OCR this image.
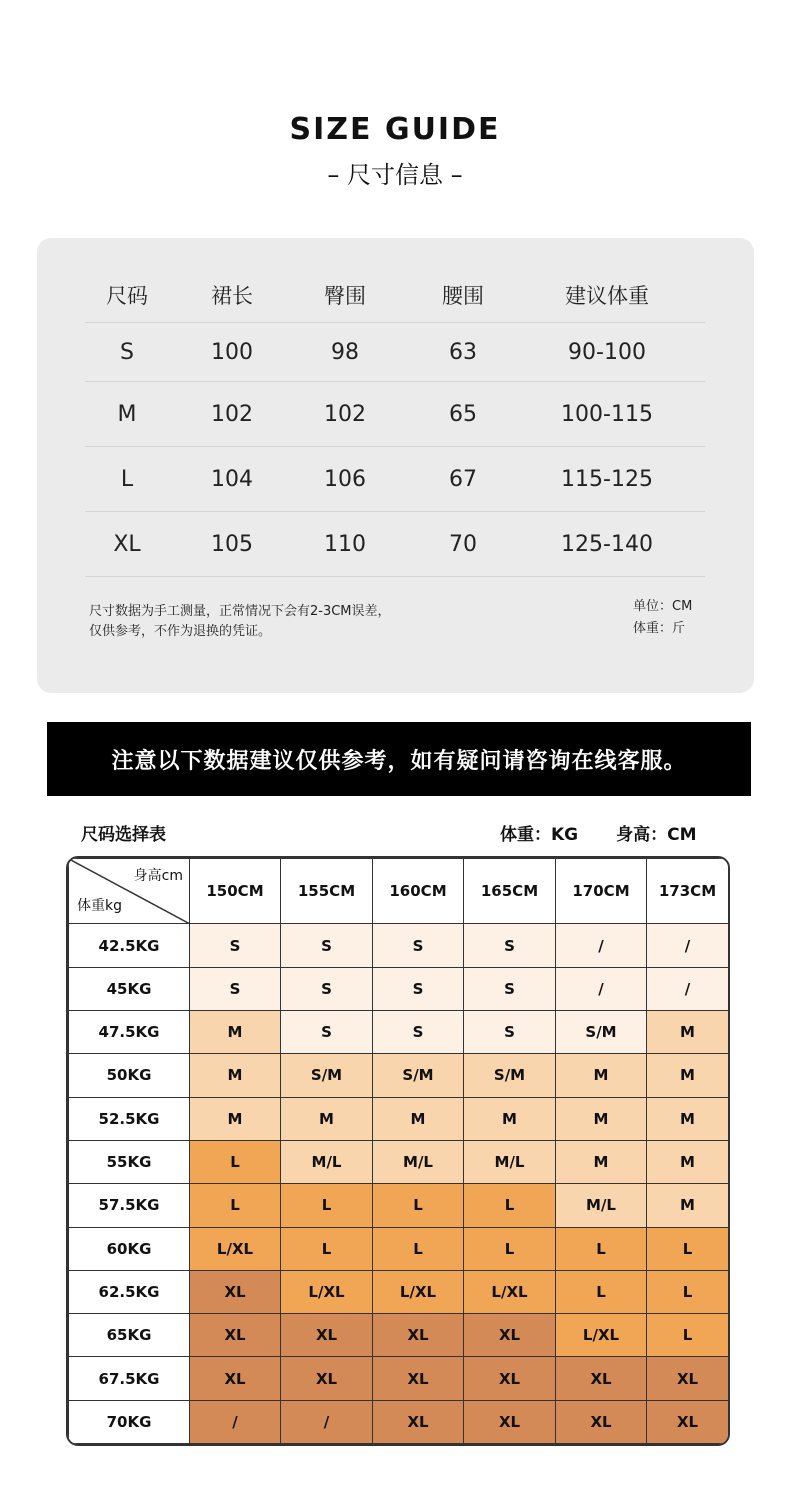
SIZE GUIDE
– 尺寸信息 –
尺码	裙长	臀围	腰围	建议体重
S	100	98	63	90-100
M	102	102	65	100-115
L	104	106	67	115-125
XL	105	110	70	125-140
尺寸数据为手工测量，正常情况下会有2-3CM误差，
仅供参考，不作为退换的凭证。
单位：CM
体重：斤
注意以下数据建议仅供参考，如有疑问请咨询在线客服。
尺码选择表	体重：KG 身高：CM
身高cm
体重kg	150CM	155CM	160CM	165CM	170CM	173CM
42.5KG	S	S	S	S	/	/
45KG	S	S	S	S	/	/
47.5KG	M	S	S	S	S/M	M
50KG	M	S/M	S/M	S/M	M	M
52.5KG	M	M	M	M	M	M
55KG	L	M/L	M/L	M/L	M	M
57.5KG	L	L	L	L	M/L	M
60KG	L/XL	L	L	L	L	L
62.5KG	XL	L/XL	L/XL	L/XL	L	L
65KG	XL	XL	XL	XL	L/XL	L
67.5KG	XL	XL	XL	XL	XL	XL
70KG	/	/	XL	XL	XL	XL
